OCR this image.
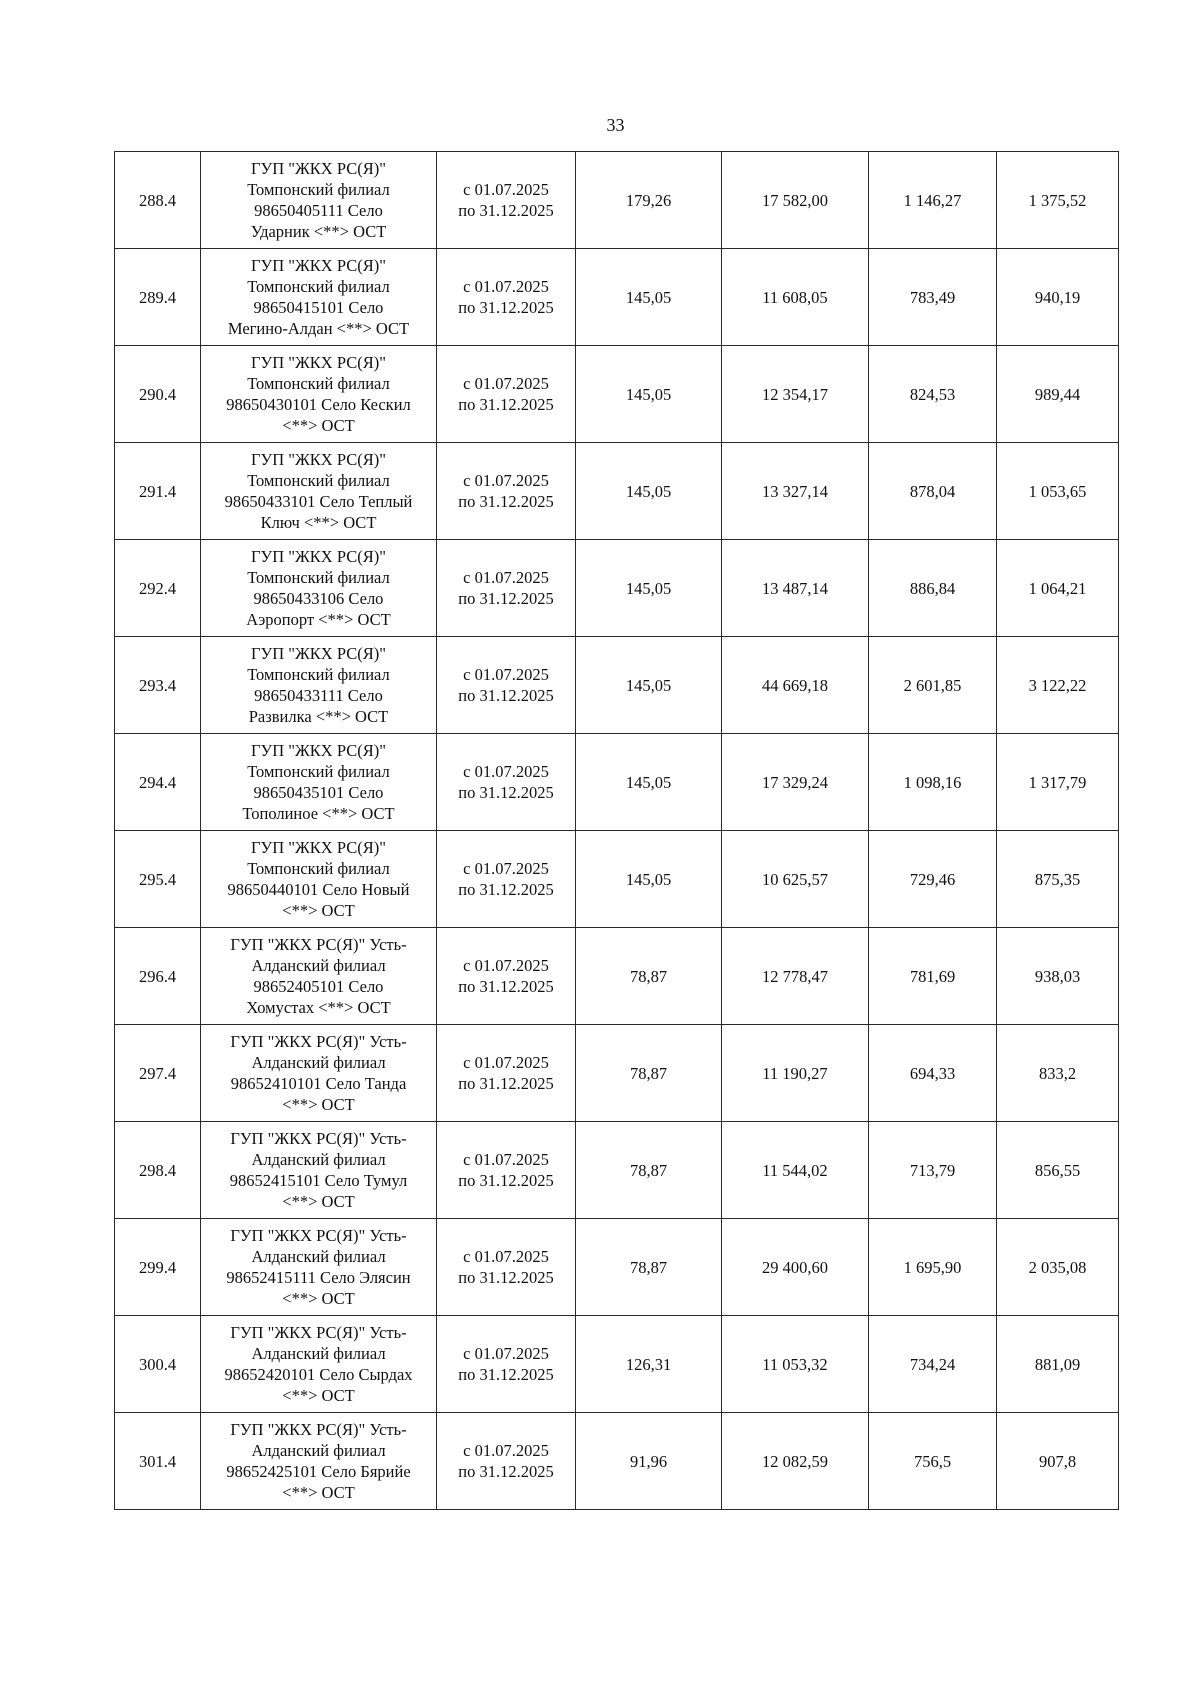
33
288.4	ГУП "ЖКХ РС(Я)"
Томпонский филиал
98650405111 Село
Ударник <**> ОСТ	с 01.07.2025
по 31.12.2025	179,26	17 582,00	1 146,27	1 375,52
289.4	ГУП "ЖКХ РС(Я)"
Томпонский филиал
98650415101 Село
Мегино-Алдан <**> ОСТ	с 01.07.2025
по 31.12.2025	145,05	11 608,05	783,49	940,19
290.4	ГУП "ЖКХ РС(Я)"
Томпонский филиал
98650430101 Село Кескил
<**> ОСТ	с 01.07.2025
по 31.12.2025	145,05	12 354,17	824,53	989,44
291.4	ГУП "ЖКХ РС(Я)"
Томпонский филиал
98650433101 Село Теплый
Ключ <**> ОСТ	с 01.07.2025
по 31.12.2025	145,05	13 327,14	878,04	1 053,65
292.4	ГУП "ЖКХ РС(Я)"
Томпонский филиал
98650433106 Село
Аэропорт <**> ОСТ	с 01.07.2025
по 31.12.2025	145,05	13 487,14	886,84	1 064,21
293.4	ГУП "ЖКХ РС(Я)"
Томпонский филиал
98650433111 Село
Развилка <**> ОСТ	с 01.07.2025
по 31.12.2025	145,05	44 669,18	2 601,85	3 122,22
294.4	ГУП "ЖКХ РС(Я)"
Томпонский филиал
98650435101 Село
Тополиное <**> ОСТ	с 01.07.2025
по 31.12.2025	145,05	17 329,24	1 098,16	1 317,79
295.4	ГУП "ЖКХ РС(Я)"
Томпонский филиал
98650440101 Село Новый
<**> ОСТ	с 01.07.2025
по 31.12.2025	145,05	10 625,57	729,46	875,35
296.4	ГУП "ЖКХ РС(Я)" Усть-
Алданский филиал
98652405101 Село
Хомустах <**> ОСТ	с 01.07.2025
по 31.12.2025	78,87	12 778,47	781,69	938,03
297.4	ГУП "ЖКХ РС(Я)" Усть-
Алданский филиал
98652410101 Село Танда
<**> ОСТ	с 01.07.2025
по 31.12.2025	78,87	11 190,27	694,33	833,2
298.4	ГУП "ЖКХ РС(Я)" Усть-
Алданский филиал
98652415101 Село Тумул
<**> ОСТ	с 01.07.2025
по 31.12.2025	78,87	11 544,02	713,79	856,55
299.4	ГУП "ЖКХ РС(Я)" Усть-
Алданский филиал
98652415111 Село Элясин
<**> ОСТ	с 01.07.2025
по 31.12.2025	78,87	29 400,60	1 695,90	2 035,08
300.4	ГУП "ЖКХ РС(Я)" Усть-
Алданский филиал
98652420101 Село Сырдах
<**> ОСТ	с 01.07.2025
по 31.12.2025	126,31	11 053,32	734,24	881,09
301.4	ГУП "ЖКХ РС(Я)" Усть-
Алданский филиал
98652425101 Село Бярийе
<**> ОСТ	с 01.07.2025
по 31.12.2025	91,96	12 082,59	756,5	907,8
